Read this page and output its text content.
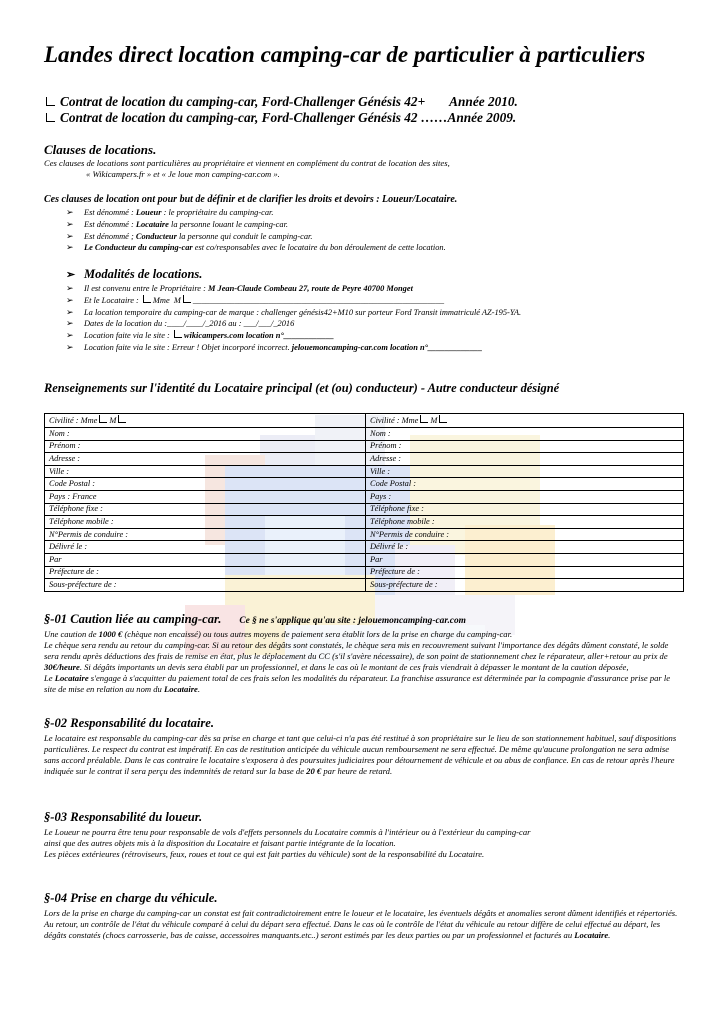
Landes direct location camping-car de particulier à particuliers
Contrat de location du camping-car, Ford-Challenger Génésis 42+ Année 2010.
Contrat de location du camping-car, Ford-Challenger Génésis 42 ……Année 2009.
Clauses de locations.
Ces clauses de locations sont particulières au propriétaire et viennent en complément du contrat de location des sites,
« Wikicampers.fr » et « Je loue mon camping-car.com ».
Ces clauses de location ont pour but de définir et de clarifier les droits et devoirs : Loueur/Locataire.
➢ Est dénommé : Loueur : le propriétaire du camping-car.
➢ Est dénommé : Locataire la personne louant le camping-car.
➢ Est dénommé ; Conducteur la personne qui conduit le camping-car.
➢ Le Conducteur du camping-car est co/responsables avec le locataire du bon déroulement de cette location.
➢ Modalités de locations.
➢ Il est convenu entre le Propriétaire : M Jean-Claude Combeau 27, route de Peyre 40700 Monget
➢ Et le Locataire : Mme M ____________________________________________________________
➢ La location temporaire du camping-car de marque : challenger génésis42+M10 sur porteur Ford Transit immatriculé AZ-195-YA.
➢ Dates de la location du :____/____/_2016 au : ___/___/_2016
➢ Location faite via le site : wikicampers.com location n°____________
➢ Location faite via le site : Erreur ! Objet incorporé incorrect. jelouemoncamping-car.com location n°_____________
Renseignements sur l'identité du Locataire principal (et (ou) conducteur) - Autre conducteur désigné
Civilité : Mme M	Civilité : Mme M
Nom :	Nom :
Prénom :	Prénom :
Adresse :	Adresse :
Ville :	Ville :
Code Postal :	Code Postal :
Pays : France	Pays :
Téléphone fixe :	Téléphone fixe :
Téléphone mobile :	Téléphone mobile :
N°Permis de conduire :	N°Permis de conduire :
Délivré le :	Délivré le :
Par	Par
Préfecture de :	Préfecture de :
Sous-préfecture de :	Sous-préfecture de :
§-01 Caution liée au camping-car. Ce § ne s'applique qu'au site : jelouemoncamping-car.com
Une caution de 1000 € (chèque non encaissé) ou tous autres moyens de paiement sera établit lors de la prise en charge du camping-car.
Le chèque sera rendu au retour du camping-car. Si au retour des dégâts sont constatés, le chèque sera mis en recouvrement suivant l'importance des dégâts dûment constaté, le solde sera rendu après déductions des frais de remise en état, plus le déplacement du CC (s'il s'avère nécessaire), de son point de stationnement chez le réparateur, aller+retour au prix de 30€/heure. Si dégâts importants un devis sera établi par un professionnel, et dans le cas où le montant de ces frais viendrait à dépasser le montant de la caution déposée,
Le Locataire s'engage à s'acquitter du paiement total de ces frais selon les modalités du réparateur. La franchise assurance est déterminée par la compagnie d'assurance prise par le site de mise en relation au nom du Locataire.
§-02 Responsabilité du locataire.
Le locataire est responsable du camping-car dès sa prise en charge et tant que celui-ci n'a pas été restitué à son propriétaire sur le lieu de son stationnement habituel, sauf dispositions particulières. Le respect du contrat est impératif. En cas de restitution anticipée du véhicule aucun remboursement ne sera effectué. De même qu'aucune prolongation ne sera admise sans accord préalable. Dans le cas contraire le locataire s'exposera à des poursuites judiciaires pour détournement de véhicule et ou abus de confiance. En cas de retour après l'heure indiquée sur le contrat il sera perçu des indemnités de retard sur la base de 20 € par heure de retard.
§-03 Responsabilité du loueur.
Le Loueur ne pourra être tenu pour responsable de vols d'effets personnels du Locataire commis à l'intérieur ou à l'extérieur du camping-car
ainsi que des autres objets mis à la disposition du Locataire et faisant partie intégrante de la location.
Les pièces extérieures (rétroviseurs, feux, roues et tout ce qui est fait parties du véhicule) sont de la responsabilité du Locataire.
§-04 Prise en charge du véhicule.
Lors de la prise en charge du camping-car un constat est fait contradictoirement entre le loueur et le locataire, les éventuels dégâts et anomalies seront dûment identifiés et répertoriés. Au retour, un contrôle de l'état du véhicule comparé à celui du départ sera effectué. Dans le cas où le contrôle de l'état du véhicule au retour diffère de celui effectué au départ, les dégâts constatés (chocs carrosserie, bas de caisse, accessoires manquants.etc..) seront estimés par les deux parties ou par un professionnel et facturés au Locataire.
